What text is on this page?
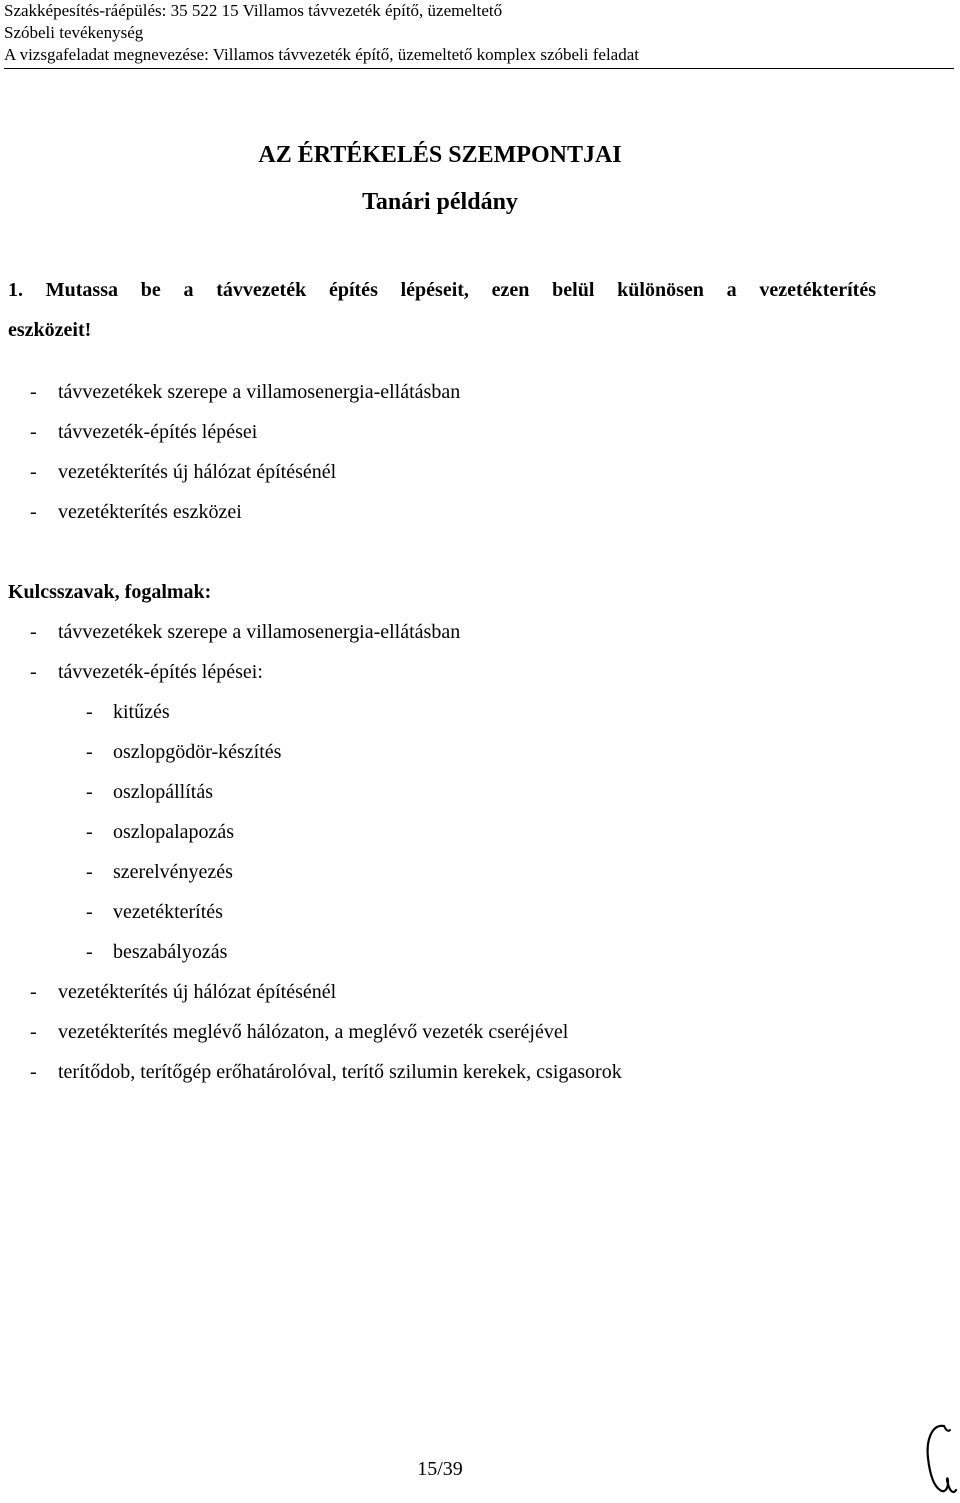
Szakképesítés-ráépülés: 35 522 15 Villamos távvezeték építő, üzemeltető
Szóbeli tevékenység
A vizsgafeladat megnevezése: Villamos távvezeték építő, üzemeltető komplex szóbeli feladat
AZ ÉRTÉKELÉS SZEMPONTJAI
Tanári példány
1. Mutassa be a távvezeték építés lépéseit, ezen belül különösen a vezetékterítés
eszközeit!
- távvezetékek szerepe a villamosenergia-ellátásban
- távvezeték-építés lépései
- vezetékterítés új hálózat építésénél
- vezetékterítés eszközei
Kulcsszavak, fogalmak:
- távvezetékek szerepe a villamosenergia-ellátásban
- távvezeték-építés lépései:
- kitűzés
- oszlopgödör-készítés
- oszlopállítás
- oszlopalapozás
- szerelvényezés
- vezetékterítés
- beszabályozás
- vezetékterítés új hálózat építésénél
- vezetékterítés meglévő hálózaton, a meglévő vezeték cseréjével
- terítődob, terítőgép erőhatárolóval, terítő szilumin kerekek, csigasorok
15/39
